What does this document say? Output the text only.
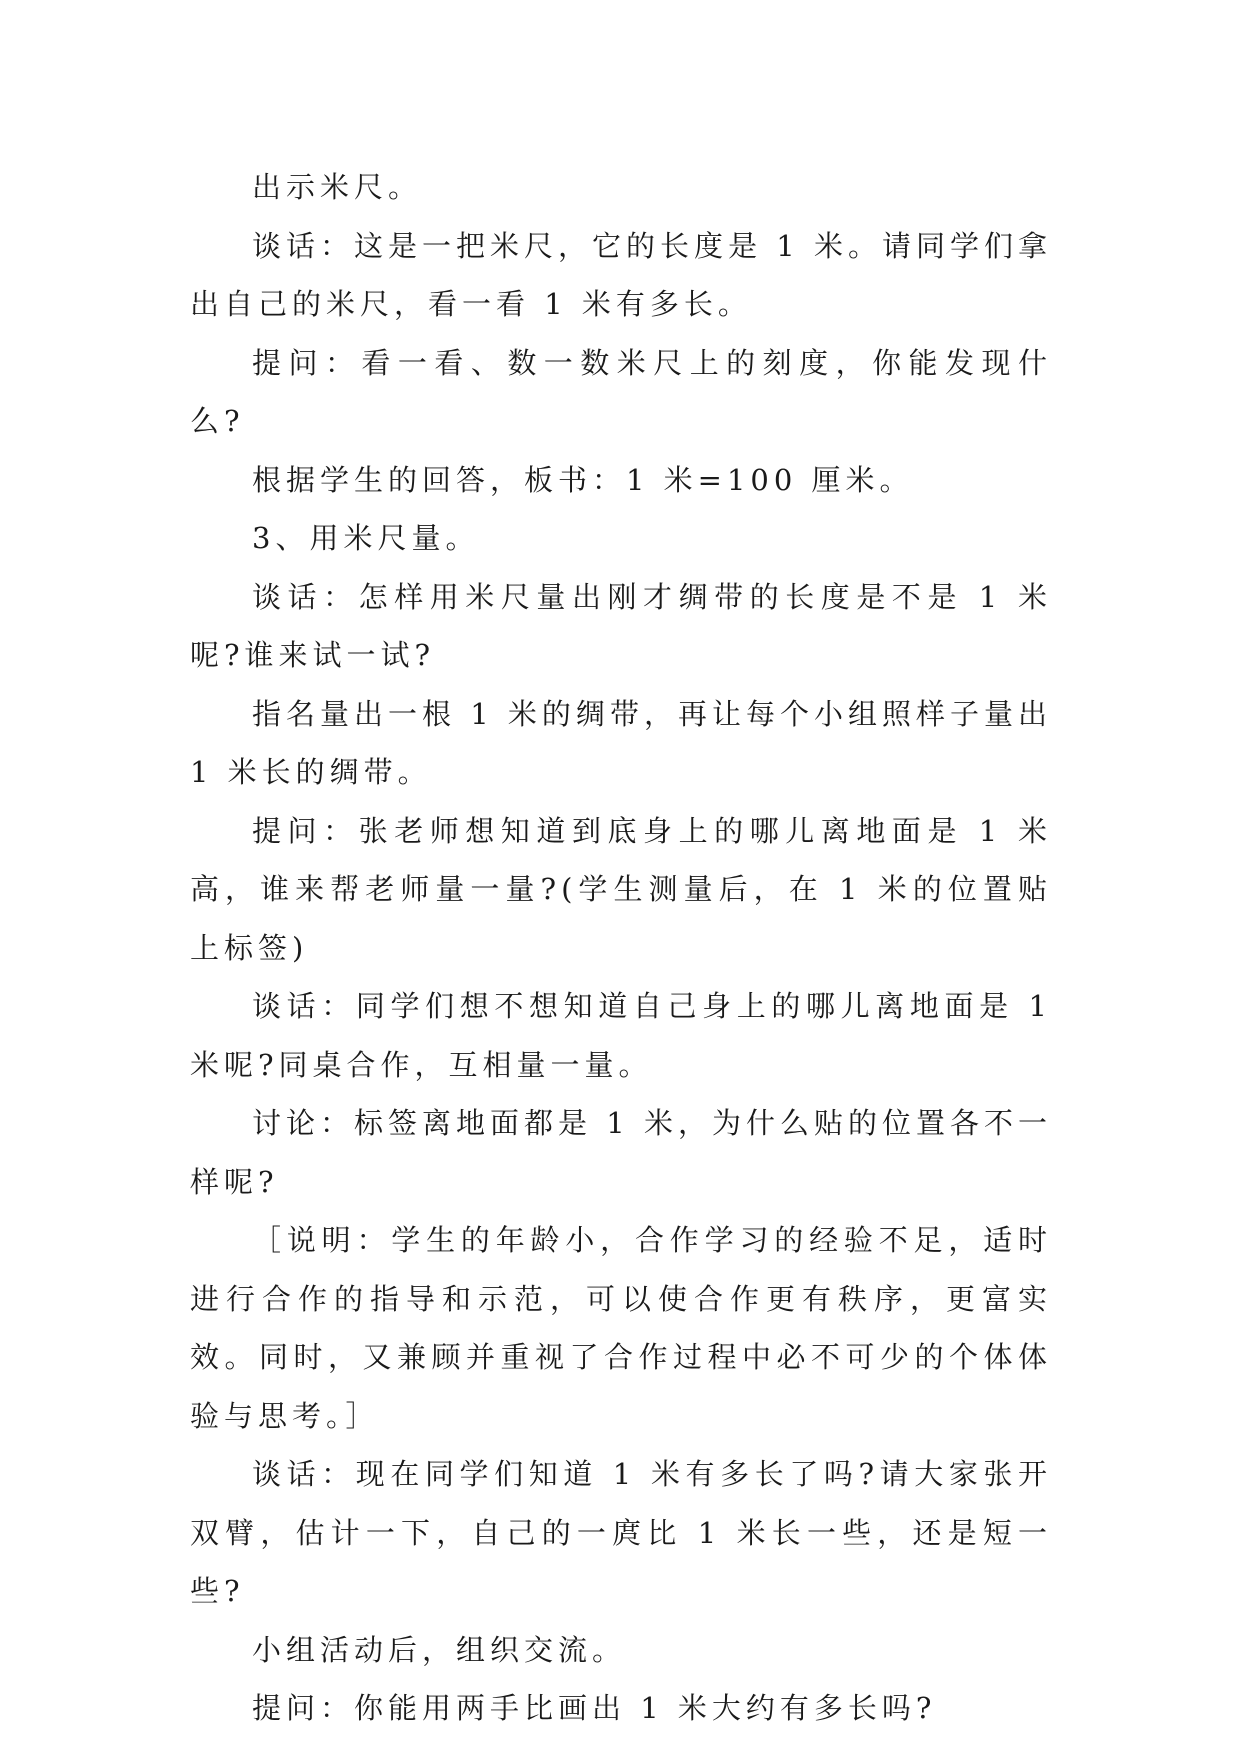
出示米尺。

谈话：这是一把米尺，它的长度是 1 米。请同学们拿出自己的米尺，看一看 1 米有多长。

提问：看一看、数一数米尺上的刻度，你能发现什么?

根据学生的回答，板书：1 米=100 厘米。

3、用米尺量。

谈话：怎样用米尺量出刚才绸带的长度是不是 1 米呢?谁来试一试?

指名量出一根 1 米的绸带，再让每个小组照样子量出 1 米长的绸带。

提问：张老师想知道到底身上的哪儿离地面是 1 米高，谁来帮老师量一量?(学生测量后，在 1 米的位置贴上标签)

谈话：同学们想不想知道自己身上的哪儿离地面是 1 米呢?同桌合作，互相量一量。

讨论：标签离地面都是 1 米，为什么贴的位置各不一样呢?

［说明：学生的年龄小，合作学习的经验不足，适时进行合作的指导和示范，可以使合作更有秩序，更富实效。同时，又兼顾并重视了合作过程中必不可少的个体体验与思考。］

谈话：现在同学们知道 1 米有多长了吗?请大家张开双臂，估计一下，自己的一庹比 1 米长一些，还是短一些?

小组活动后，组织交流。

提问：你能用两手比画出 1 米大约有多长吗?
